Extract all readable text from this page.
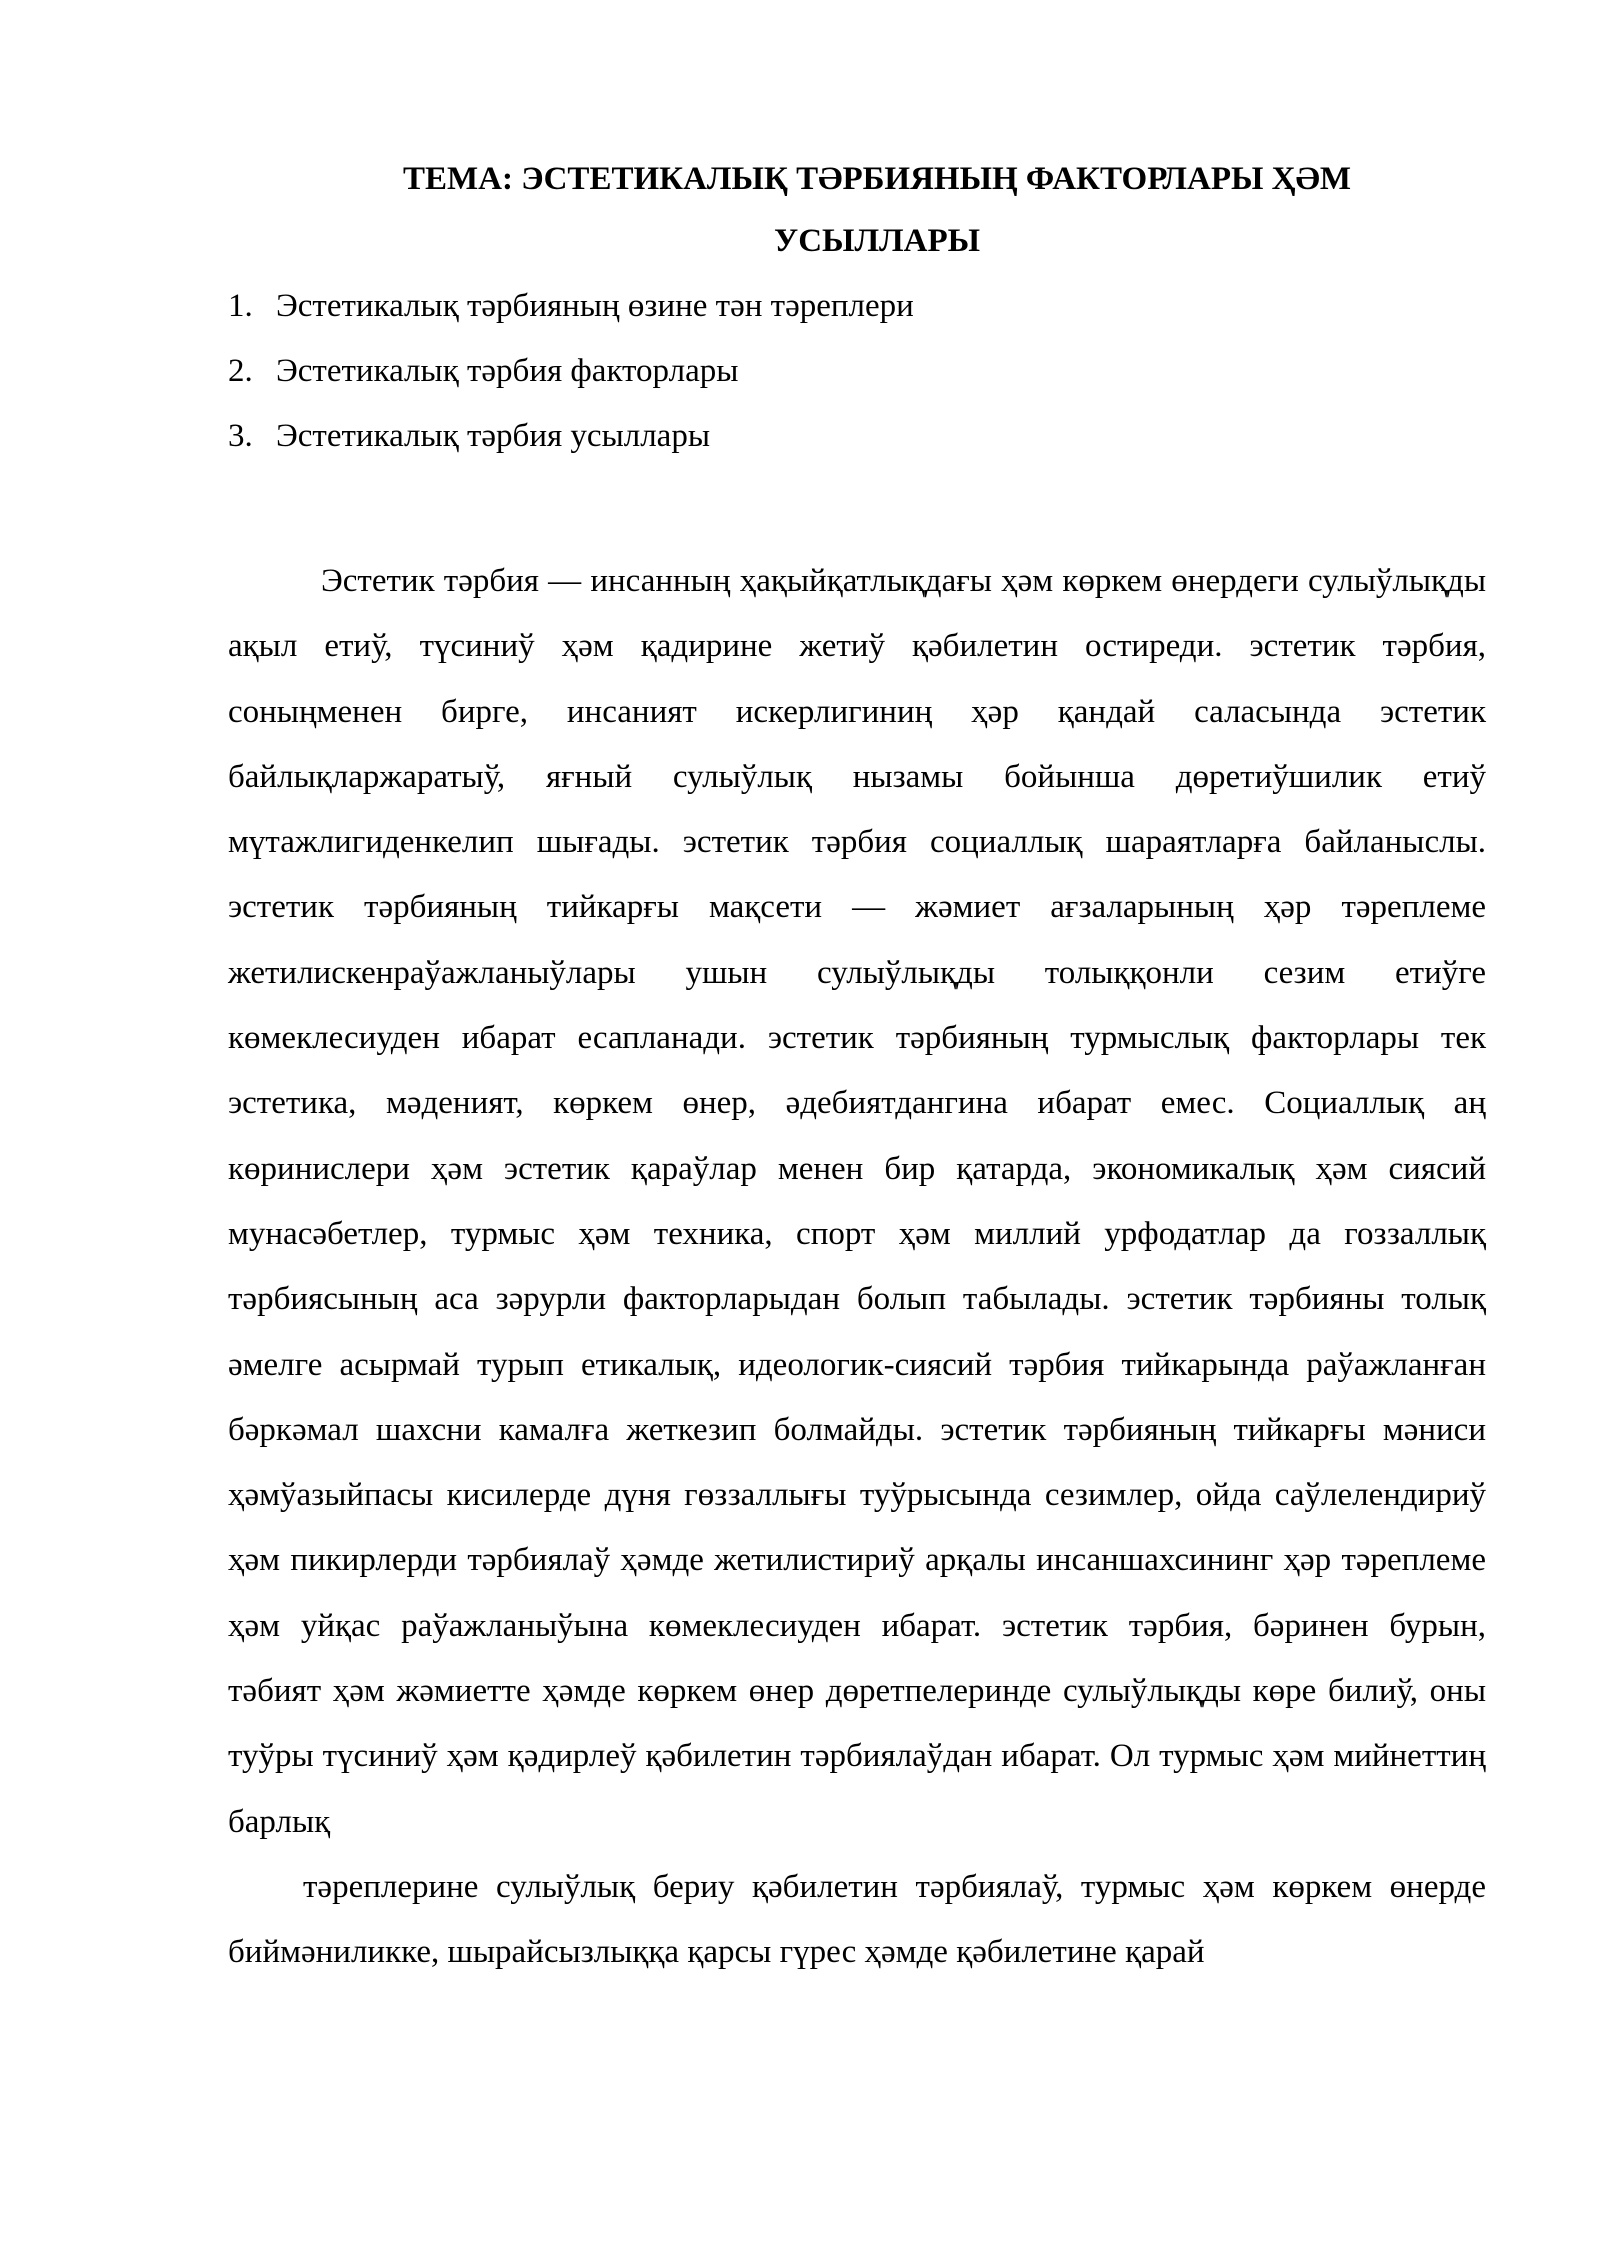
ТЕМА: ЭСТЕТИКАЛЫҚ ТӘРБИЯНЫҢ ФАКТОРЛАРЫ ҲӘМ
УСЫЛЛАРЫ
1. Эстетикалық тәрбияның өзине тән тәреплери
2. Эстетикалық тәрбия факторлары
3. Эстетикалық тәрбия усыллары

Эстетик тәрбия — инсанның ҳақыйқатлықдағы ҳәм көркем өнердеги сулыўлықды ақыл етиў, түсиниў ҳәм қадирине жетиў қәбилетин остиреди. эстетик тәрбия, соныңменен бирге, инсаният искерлигиниң ҳәр қандай саласында эстетик байлықларжаратыў, яғный сулыўлық нызамы бойынша дөретиўшилик етиў мүтажлигиденкелип шығады. эстетик тәрбия социаллық шараятларға байланыслы. эстетик тәрбияның тийкарғы мақсети — жәмиет ағзаларының ҳәр тәреплеме жетилискенраўажланыўлары ушын сулыўлықды толыққонли сезим етиўге көмеклесиуден ибарат есапланади. эстетик тәрбияның турмыслық факторлары тек эстетика, мәденият, көркем өнер, әдебиятдангина ибарат емес. Социаллық аң көринислери ҳәм эстетик қараўлар менен бир қатарда, экономикалық ҳәм сиясий мунасәбетлер, турмыс ҳәм техника, спорт ҳәм миллий урфодатлар да гоззаллық тәрбиясының аса зәрурли факторларыдан болып табылады. эстетик тәрбияны толық әмелге асырмай турып етикалық, идеологик-сиясий тәрбия тийкарында раўажланған бәркәмал шахсни камалға жеткезип болмайды. эстетик тәрбияның тийкарғы мәниси ҳәмўазыйпасы кисилерде дүня гөззаллығы туўрысында сезимлер, ойда саўлелендириў ҳәм пикирлерди тәрбиялаў ҳәмде жетилистириў арқалы инсаншахсининг ҳәр тәреплеме ҳәм уйқас раўажланыўына көмеклесиуден ибарат. эстетик тәрбия, бәринен бурын, тәбият ҳәм жәмиетте ҳәмде көркем өнер дөретпелеринде сулыўлықды көре билиў, оны туўры түсиниў ҳәм қәдирлеў қәбилетин тәрбиялаўдан ибарат. Ол турмыс ҳәм мийнеттиң барлық

тәреплерине сулыўлық бериу қәбилетин тәрбиялаў, турмыс ҳәм көркем өнерде биймәниликке, шырайсызлыққа қарсы гүрес ҳәмде қәбилетине қарай
